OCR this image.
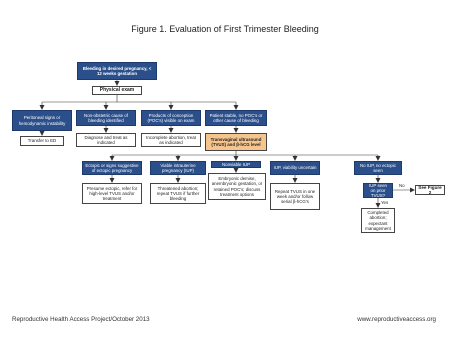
Figure 1. Evaluation of First Trimester Bleeding
Bleeding in desired pregnancy, < 12 weeks gestation
Physical exam
Peritoneal signs or hemodynamic instability
Non-obstetric cause of bleeding identified
Products of conception (POC's) visible on exam
Patient stable, no POC's or other cause of bleeding
Transfer to ED
Diagnose and treat as indicated
Incomplete abortion, treat as indicated
Transvaginal ultrasound (TVUS) and β-hCG level
Ectopic or signs suggestive of ectopic pregnancy
Viable intrauterine pregnancy (IUP)
Nonviable IUP
IUP, viability uncertain
No IUP, no ectopic seen
Presume ectopic, refer for high-level TVUS and/or treatment
Threatened abortion; repeat TVUS if further bleeding
Embryonic demise, anembryonic gestation, or retained POC's; discuss treatment options
Repeat TVUS in one week and/or follow serial β-hCG's
IUP seen on prior TVUS?
See Figure 2
Completed abortion; expectant management
No
Yes
Reproductive Health Access Project/October 2013	www.reproductiveaccess.org
